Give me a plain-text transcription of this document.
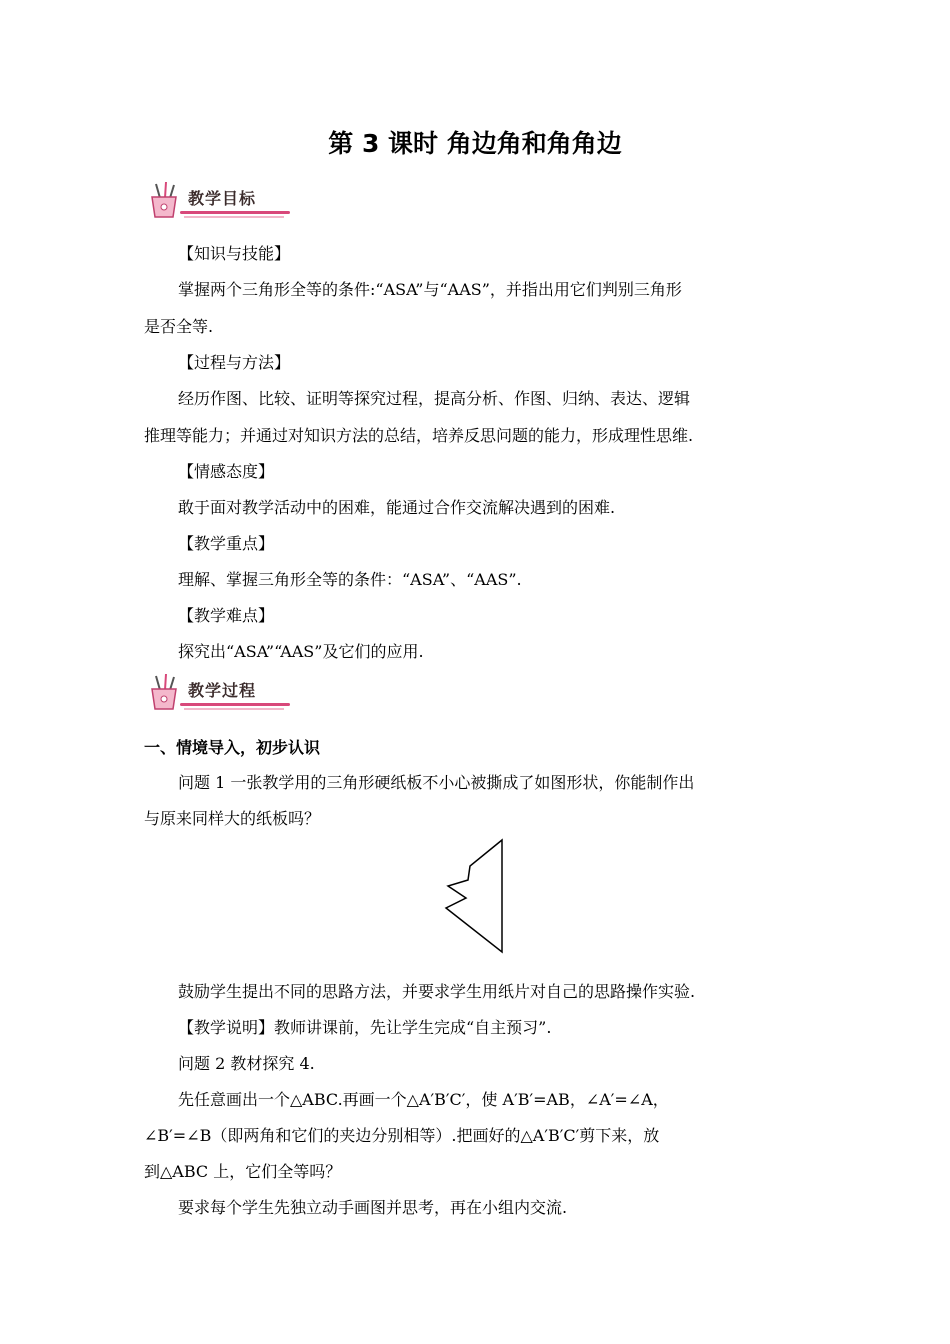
第 3 课时 角边角和角角边
教学目标

【知识与技能】

掌握两个三角形全等的条件:“ASA”与“AAS”，并指出用它们判别三角形

是否全等.

【过程与方法】

经历作图、比较、证明等探究过程，提高分析、作图、归纳、表达、逻辑

推理等能力；并通过对知识方法的总结，培养反思问题的能力，形成理性思维.

【情感态度】

敢于面对教学活动中的困难，能通过合作交流解决遇到的困难.

【教学重点】

理解、掌握三角形全等的条件：“ASA”、“AAS”.

【教学难点】

探究出“ASA”“AAS”及它们的应用.

教学过程

一、情境导入，初步认识

问题 1 一张教学用的三角形硬纸板不小心被撕成了如图形状，你能制作出

与原来同样大的纸板吗？

鼓励学生提出不同的思路方法，并要求学生用纸片对自己的思路操作实验.

【教学说明】教师讲课前，先让学生完成“自主预习”.

问题 2 教材探究 4.

先任意画出一个△ABC.再画一个△A′B′C′，使 A′B′=AB，∠A′=∠A，

∠B′=∠B（即两角和它们的夹边分别相等）.把画好的△A′B′C′剪下来，放

到△ABC 上，它们全等吗？

要求每个学生先独立动手画图并思考，再在小组内交流.
